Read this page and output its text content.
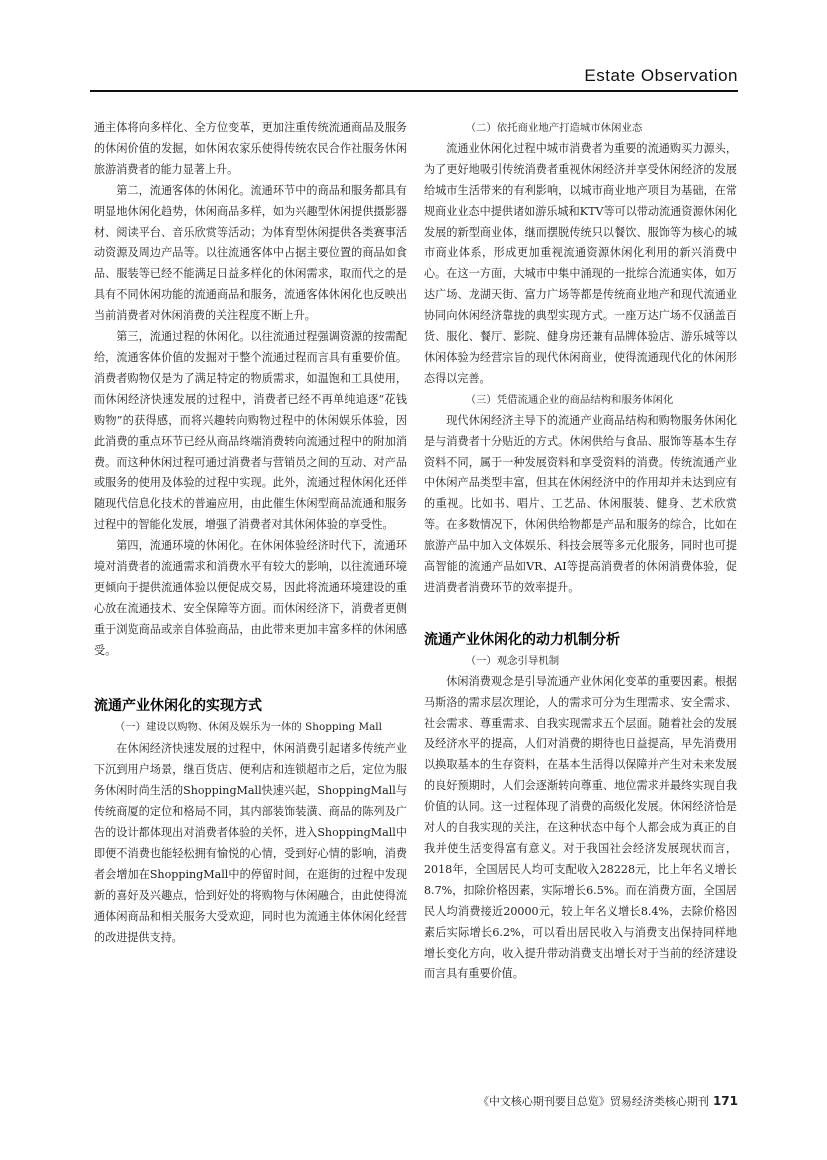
Estate Observation

通主体将向多样化、全方位变革，更加注重传统流通商品及服务的休闲价值的发掘，如休闲农家乐使得传统农民合作社服务休闲旅游消费者的能力显著上升。

第二，流通客体的休闲化。流通环节中的商品和服务都具有明显地休闲化趋势，休闲商品多样，如为兴趣型休闲提供摄影器材、阅读平台、音乐欣赏等活动；为体育型休闲提供各类赛事活动资源及周边产品等。以往流通客体中占据主要位置的商品如食品、服装等已经不能满足日益多样化的休闲需求，取而代之的是具有不同休闲功能的流通商品和服务，流通客体休闲化也反映出当前消费者对休闲消费的关注程度不断上升。

第三，流通过程的休闲化。以往流通过程强调资源的按需配给，流通客体价值的发掘对于整个流通过程而言具有重要价值。消费者购物仅是为了满足特定的物质需求，如温饱和工具使用，而休闲经济快速发展的过程中，消费者已经不再单纯追逐“花钱购物”的获得感，而将兴趣转向购物过程中的休闲娱乐体验，因此消费的重点环节已经从商品终端消费转向流通过程中的附加消费。而这种休闲过程可通过消费者与营销员之间的互动、对产品或服务的使用及体验的过程中实现。此外，流通过程休闲化还伴随现代信息化技术的普遍应用，由此催生休闲型商品流通和服务过程中的智能化发展，增强了消费者对其休闲体验的享受性。

第四，流通环境的休闲化。在休闲体验经济时代下，流通环境对消费者的流通需求和消费水平有较大的影响，以往流通环境更倾向于提供流通体验以便促成交易，因此将流通环境建设的重心放在流通技术、安全保障等方面。而休闲经济下，消费者更侧重于浏览商品或亲自体验商品，由此带来更加丰富多样的休闲感受。

流通产业休闲化的实现方式

（一）建设以购物、休闲及娱乐为一体的 Shopping Mall

在休闲经济快速发展的过程中，休闲消费引起诸多传统产业下沉到用户场景，继百货店、便利店和连锁超市之后，定位为服务休闲时尚生活的ShoppingMall快速兴起，ShoppingMall与传统商厦的定位和格局不同，其内部装饰装潢、商品的陈列及广告的设计都体现出对消费者体验的关怀，进入ShoppingMall中即便不消费也能轻松拥有愉悦的心情，受到好心情的影响，消费者会增加在ShoppingMall中的停留时间，在逛街的过程中发现新的喜好及兴趣点，恰到好处的将购物与休闲融合，由此使得流通体闲商品和相关服务大受欢迎，同时也为流通主体休闲化经营的改进提供支持。

（二）依托商业地产打造城市休闲业态

流通业休闲化过程中城市消费者为重要的流通购买力源头，为了更好地吸引传统消费者重视休闲经济并享受休闲经济的发展给城市生活带来的有利影响，以城市商业地产项目为基础，在常规商业业态中提供诸如游乐城和KTV等可以带动流通资源休闲化发展的新型商业体，继而摆脱传统只以餐饮、服饰等为核心的城市商业体系，形成更加重视流通资源休闲化利用的新兴消费中心。在这一方面，大城市中集中涌现的一批综合流通实体，如万达广场、龙湖天街、富力广场等都是传统商业地产和现代流通业协同向休闲经济靠拢的典型实现方式。一座万达广场不仅涵盖百货、服化、餐厅、影院、健身房还兼有品牌体验店、游乐城等以休闲体验为经营宗旨的现代休闲商业，使得流通现代化的休闲形态得以完善。

（三）凭借流通企业的商品结构和服务体闲化

现代休闲经济主导下的流通产业商品结构和购物服务休闲化是与消费者十分贴近的方式。休闲供给与食品、服饰等基本生存资料不同，属于一种发展资料和享受资料的消费。传统流通产业中休闲产品类型丰富，但其在休闲经济中的作用却并未达到应有的重视。比如书、唱片、工艺品、休闲服装、健身、艺术欣赏等。在多数情况下，休闲供给物都是产品和服务的综合，比如在旅游产品中加入文体娱乐、科技会展等多元化服务，同时也可提高智能的流通产品如VR、AI等提高消费者的休闲消费体验，促进消费者消费环节的效率提升。

流通产业休闲化的动力机制分析

（一）观念引导机制

休闲消费观念是引导流通产业休闲化变革的重要因素。根据马斯洛的需求层次理论，人的需求可分为生理需求、安全需求、社会需求、尊重需求、自我实现需求五个层面。随着社会的发展及经济水平的提高，人们对消费的期待也日益提高，早先消费用以换取基本的生存资料，在基本生活得以保障并产生对未来发展的良好预期时，人们会逐渐转向尊重、地位需求并最终实现自我价值的认同。这一过程体现了消费的高级化发展。休闲经济恰是对人的自我实现的关注，在这种状态中每个人都会成为真正的自我并使生活变得富有意义。对于我国社会经济发展现状而言，2018年，全国居民人均可支配收入28228元，比上年名义增长8.7%，扣除价格因素，实际增长6.5%。而在消费方面，全国居民人均消费接近20000元，较上年名义增长8.4%，去除价格因素后实际增长6.2%，可以看出居民收入与消费支出保持同样地增长变化方向，收入提升带动消费支出增长对于当前的经济建设而言具有重要价值。

《中文核心期刊要目总览》贸易经济类核心期刊 171
